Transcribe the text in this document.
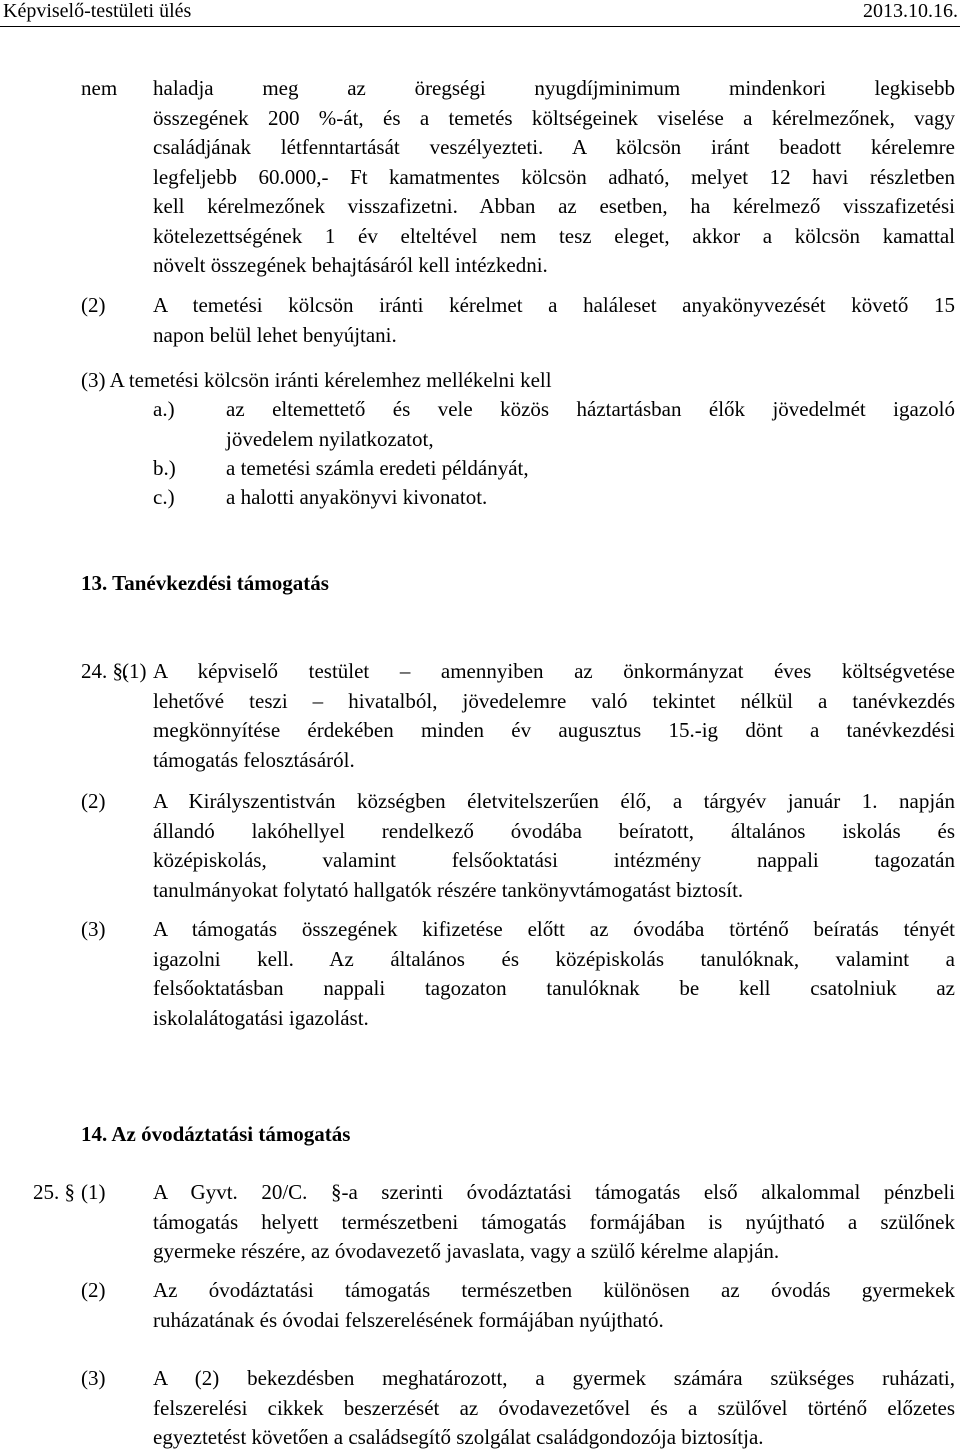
Képviselő-testületi ülés	2013.10.16.
nem haladja meg az öregségi nyugdíjminimum mindenkori legkisebb
összegének 200 %-át, és a temetés költségeinek viselése a kérelmezőnek, vagy
családjának létfenntartását veszélyezteti. A kölcsön iránt beadott kérelemre
legfeljebb 60.000,- Ft kamatmentes kölcsön adható, melyet 12 havi részletben
kell kérelmezőnek visszafizetni. Abban az esetben, ha kérelmező visszafizetési
kötelezettségének 1 év elteltével nem tesz eleget, akkor a kölcsön kamattal
növelt összegének behajtásáról kell intézkedni.
(2) A temetési kölcsön iránti kérelmet a haláleset anyakönyvezését követő 15
napon belül lehet benyújtani.
(3) A temetési kölcsön iránti kérelemhez mellékelni kell
a.) az eltemettető és vele közös háztartásban élők jövedelmét igazoló
jövedelem nyilatkozatot,
b.) a temetési számla eredeti példányát,
c.) a halotti anyakönyvi kivonatot.
13. Tanévkezdési támogatás
24. §.
(1) A képviselő testület – amennyiben az önkormányzat éves költségvetése
lehetővé teszi – hivatalból, jövedelemre való tekintet nélkül a tanévkezdés
megkönnyítése érdekében minden év augusztus 15.-ig dönt a tanévkezdési
támogatás felosztásáról.
(2) A Királyszentistván községben életvitelszerűen élő, a tárgyév január 1. napján
állandó lakóhellyel rendelkező óvodába beíratott, általános iskolás és
középiskolás, valamint felsőoktatási intézmény nappali tagozatán
tanulmányokat folytató hallgatók részére tankönyvtámogatást biztosít.
(3) A támogatás összegének kifizetése előtt az óvodába történő beíratás tényét
igazolni kell. Az általános és középiskolás tanulóknak, valamint a
felsőoktatásban nappali tagozaton tanulóknak be kell csatolniuk az
iskolalátogatási igazolást.
14. Az óvodáztatási támogatás
25. § (1) A Gyvt. 20/C. §-a szerinti óvodáztatási támogatás első alkalommal pénzbeli
támogatás helyett természetbeni támogatás formájában is nyújtható a szülőnek
gyermeke részére, az óvodavezető javaslata, vagy a szülő kérelme alapján.
(2) Az óvodáztatási támogatás természetben különösen az óvodás gyermekek
ruházatának és óvodai felszerelésének formájában nyújtható.
(3) A (2) bekezdésben meghatározott, a gyermek számára szükséges ruházati,
felszerelési cikkek beszerzését az óvodavezetővel és a szülővel történő előzetes
egyeztetést követően a családsegítő szolgálat családgondozója biztosítja.
